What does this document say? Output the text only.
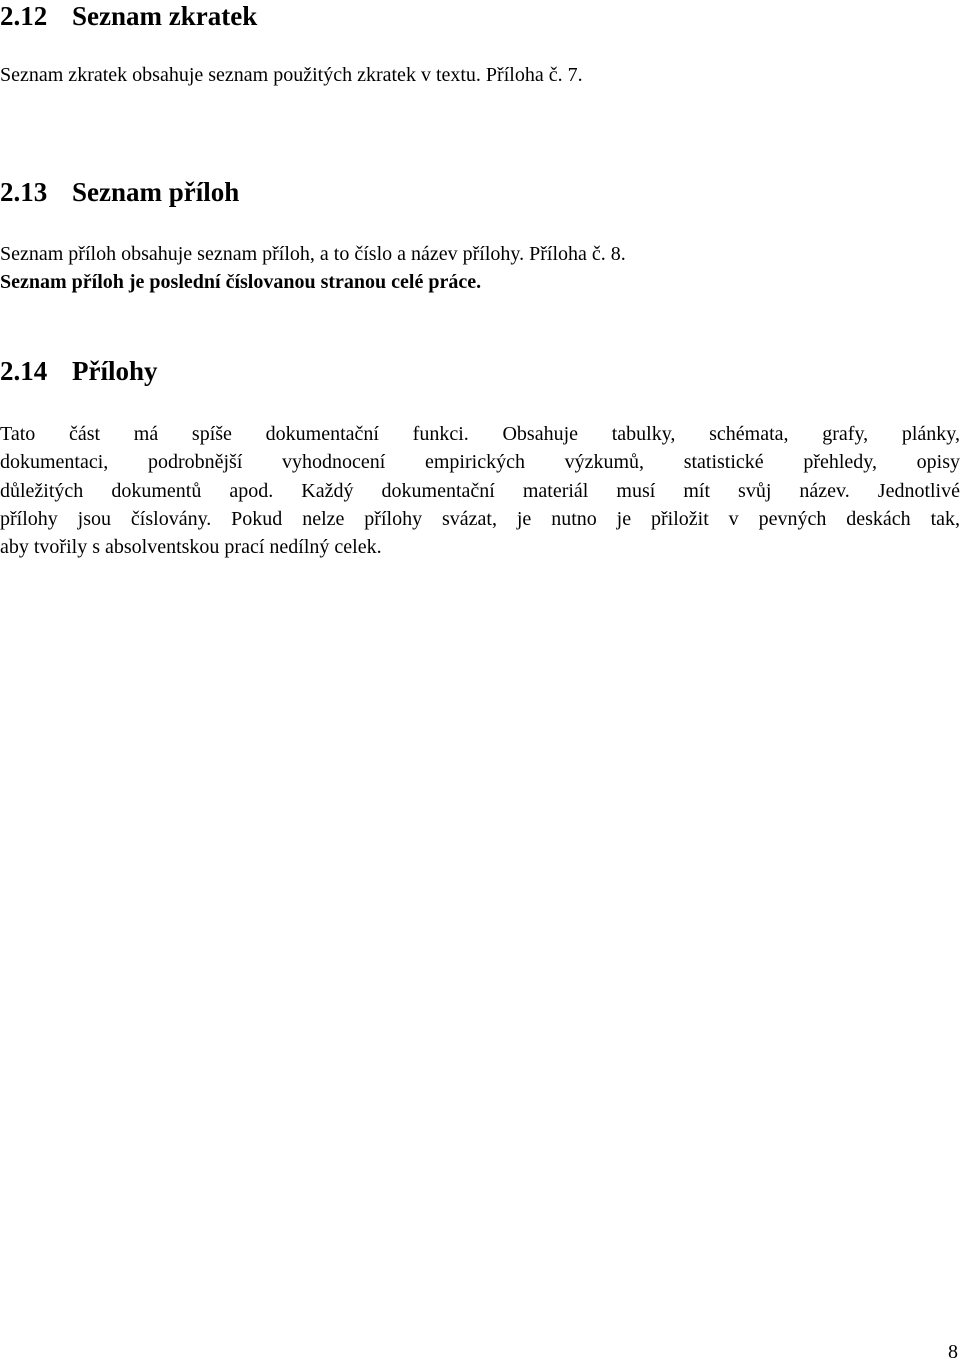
2.12 Seznam zkratek

Seznam zkratek obsahuje seznam použitých zkratek v textu. Příloha č. 7.

2.13 Seznam příloh

Seznam příloh obsahuje seznam příloh, a to číslo a název přílohy. Příloha č. 8.

Seznam příloh je poslední číslovanou stranou celé práce.

2.14 Přílohy
Tato část má spíše dokumentační funkci. Obsahuje tabulky, schémata, grafy, plánky,
dokumentaci, podrobnější vyhodnocení empirických výzkumů, statistické přehledy, opisy
důležitých dokumentů apod. Každý dokumentační materiál musí mít svůj název. Jednotlivé
přílohy jsou číslovány. Pokud nelze přílohy svázat, je nutno je přiložit v pevných deskách tak,
aby tvořily s absolventskou prací nedílný celek.
8
